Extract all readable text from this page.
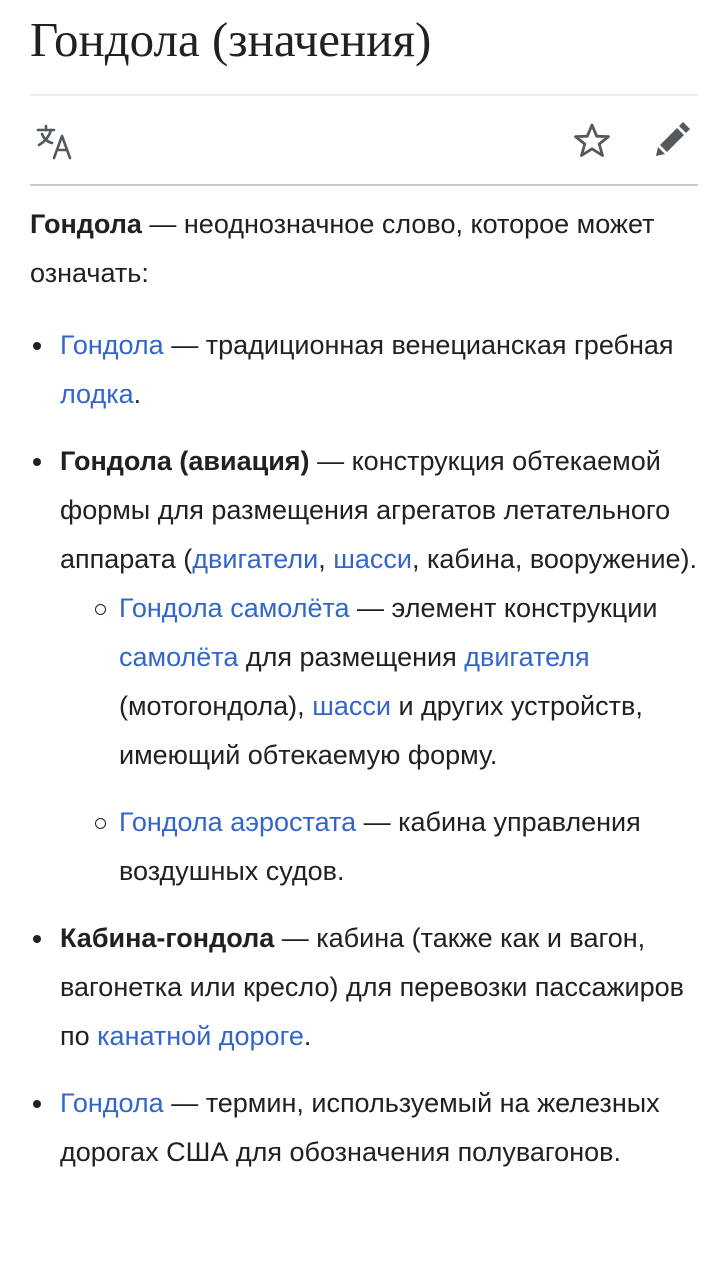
Гондола (значения)

Гондола — неоднозначное слово, которое может означать:

Гондола — традиционная венецианская гребная лодка.
Гондола (авиация) — конструкция обтекаемой формы для размещения агрегатов летательного аппарата (двигатели, шасси, кабина, вооружение).
Гондола самолёта — элемент конструкции самолёта для размещения двигателя (мотогондола), шасси и других устройств, имеющий обтекаемую форму.
Гондола аэростата — кабина управления воздушных судов.
Кабина-гондола — кабина (также как и вагон, вагонетка или кресло) для перевозки пассажиров по канатной дороге.
Гондола — термин, используемый на железных дорогах США для обозначения полувагонов.
